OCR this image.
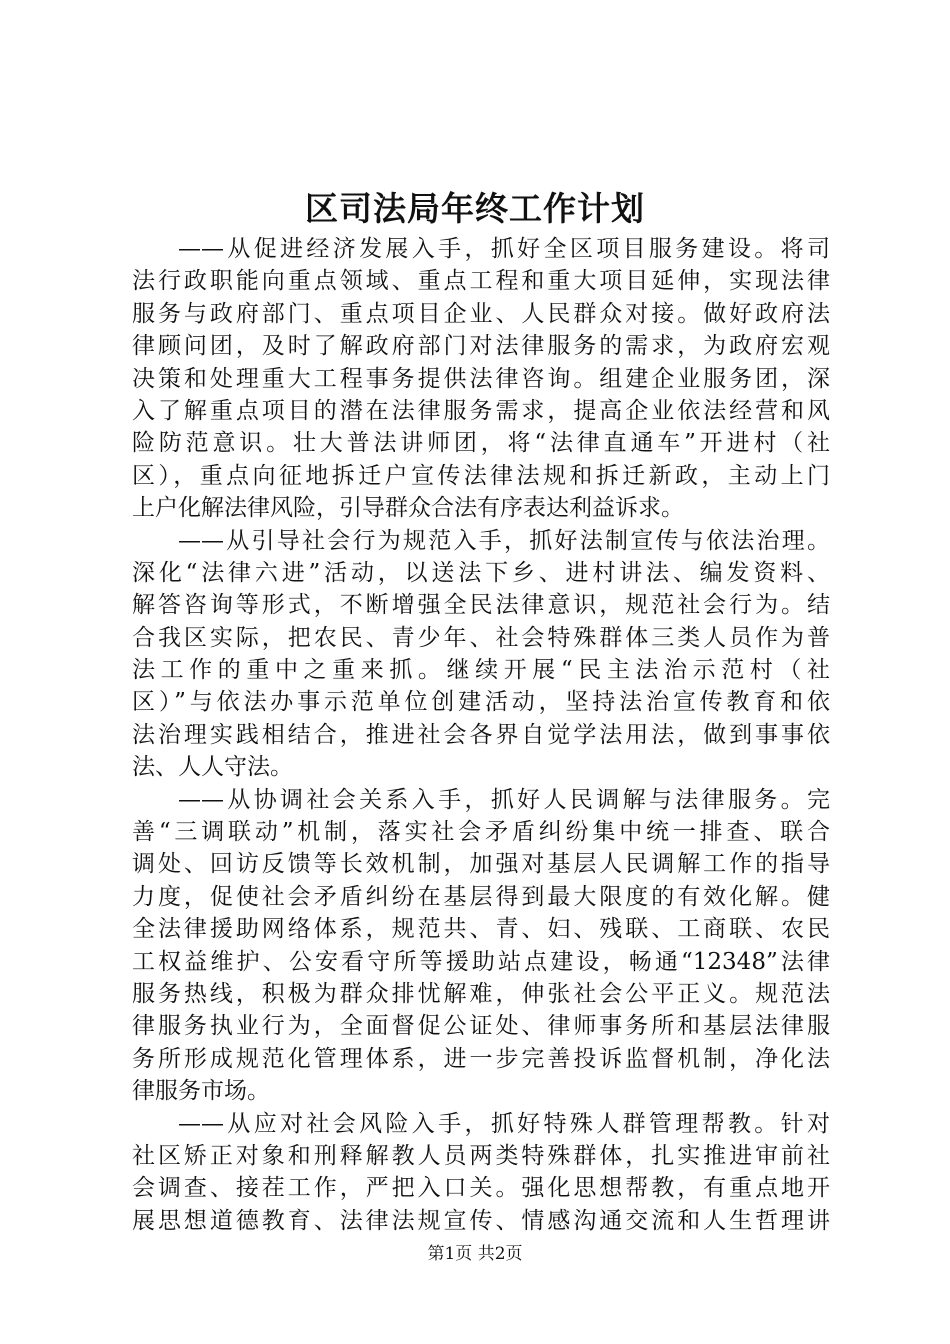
区司法局年终工作计划
——从促进经济发展入手，抓好全区项目服务建设。将司
法行政职能向重点领域、重点工程和重大项目延伸，实现法律
服务与政府部门、重点项目企业、人民群众对接。做好政府法
律顾问团，及时了解政府部门对法律服务的需求，为政府宏观
决策和处理重大工程事务提供法律咨询。组建企业服务团，深
入了解重点项目的潜在法律服务需求，提高企业依法经营和风
险防范意识。壮大普法讲师团，将“法律直通车”开进村（社
区），重点向征地拆迁户宣传法律法规和拆迁新政，主动上门
上户化解法律风险，引导群众合法有序表达利益诉求。
——从引导社会行为规范入手，抓好法制宣传与依法治理。
深化“法律六进”活动，以送法下乡、进村讲法、编发资料、
解答咨询等形式，不断增强全民法律意识，规范社会行为。结
合我区实际，把农民、青少年、社会特殊群体三类人员作为普
法工作的重中之重来抓。继续开展“民主法治示范村（社
区）”与依法办事示范单位创建活动，坚持法治宣传教育和依
法治理实践相结合，推进社会各界自觉学法用法，做到事事依
法、人人守法。
——从协调社会关系入手，抓好人民调解与法律服务。完
善“三调联动”机制，落实社会矛盾纠纷集中统一排查、联合
调处、回访反馈等长效机制，加强对基层人民调解工作的指导
力度，促使社会矛盾纠纷在基层得到最大限度的有效化解。健
全法律援助网络体系，规范共、青、妇、残联、工商联、农民
工权益维护、公安看守所等援助站点建设，畅通“12348”法律
服务热线，积极为群众排忧解难，伸张社会公平正义。规范法
律服务执业行为，全面督促公证处、律师事务所和基层法律服
务所形成规范化管理体系，进一步完善投诉监督机制，净化法
律服务市场。
——从应对社会风险入手，抓好特殊人群管理帮教。针对
社区矫正对象和刑释解教人员两类特殊群体，扎实推进审前社
会调查、接茬工作，严把入口关。强化思想帮教，有重点地开
展思想道德教育、法律法规宣传、情感沟通交流和人生哲理讲
第1页 共2页
